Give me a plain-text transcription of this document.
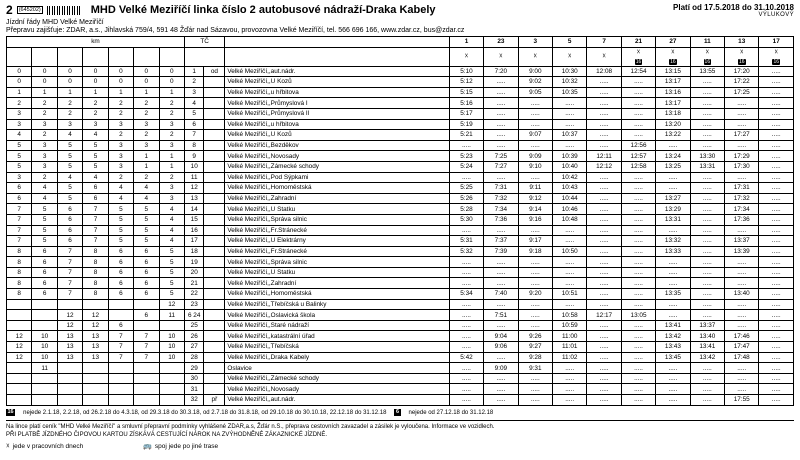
2	(645202)	MHD Velké Meziříčí linka číslo 2 autobusové nádraží-Draka Kabely	Platí od 17.5.2018 do 31.10.2018
VÝLUKOVÝ
Jízdní řády MHD Velké Meziříčí
Přepravu zajišťuje: ZDAR, a.s., Jihlavská 759/4, 591 48 Žďár nad Sázavou, provozovna Velké Meziříčí, tel. 566 696 166, www.zdar.cz, bus@zdar.cz
km							TČ			1	23	3	5	7	21	27	11	13	17
										☓	☓	☓	☓	☓	☓
16	☓
16	☓
16	☓
16	☓
16
0	0	0	0	0	0	0	1	od	Velké Meziříčí,,aut.nádr.	5:10	7:20	9:00	10:30	12:08	12:54	13:15	13:55	17:20	.....
0	0	0	0	0	0	0	2		Velké Meziříčí,,U Kozů	5:12	.....	9:02	10:32	.....	.....	13:17	.....	17:22	.....
1	1	1	1	1	1	1	3		Velké Meziříčí,,u hřbitova	5:15	.....	9:05	10:35	.....	.....	13:16	.....	17:25	.....
2	2	2	2	2	2	2	4		Velké Meziříčí,,Průmyslová I	5:16	.....	.....	.....	.....	.....	13:17	.....	.....	.....
3	2	2	2	2	2	2	5		Velké Meziříčí,,Průmyslová II	5:17	.....	.....	.....	.....	.....	13:18	.....	.....	.....
3	3	3	3	3	3	3	6		Velké Meziříčí,,u hřbitova	5:19	.....	.....	.....	.....	.....	13:20	.....	.....	.....
4	2	4	4	2	2	2	7		Velké Meziříčí,,U Kozů	5:21	.....	9:07	10:37	.....	.....	13:22	.....	17:27	.....
5	3	5	5	3	3	3	8		Velké Meziříčí,,Bezděkov	.....	.....	.....	.....	.....	12:56	.....	.....	.....	.....
5	3	5	5	3	1	1	9		Velké Meziříčí,,Novosady	5:23	7:25	9:09	10:39	12:11	12:57	13:24	13:30	17:29	.....
5	3	5	5	3	1	1	10		Velké Meziříčí,,Zámecké schody	5:24	7:27	9:10	10:40	12:12	12:58	13:25	13:31	17:30	.....
3	2	4	4	2	2	2	11		Velké Meziříčí,,Pod Sýpkami	.....	.....	.....	10:42	.....	.....	.....	.....	.....	.....
6	4	5	6	4	4	3	12		Velké Meziříčí,,Homoměstská	5:25	7:31	9:11	10:43	.....	.....	.....	.....	17:31	.....
6	4	5	6	4	4	3	13		Velké Meziříčí,,Zahradní	5:26	7:32	9:12	10:44	.....	.....	13:27	.....	17:32	.....
7	5	6	7	5	5	4	14		Velké Meziříčí,,U Statku	5:28	7:34	9:14	10:46	.....	.....	13:29	.....	17:34	.....
7	5	6	7	5	5	4	15		Velké Meziříčí,,Správa silnic	5:30	7:36	9:16	10:48	.....	.....	13:31	.....	17:36	.....
7	5	6	7	5	5	4	16		Velké Meziříčí,,Fr.Stránecké	.....	.....	.....	.....	.....	.....	.....	.....	.....	.....
7	5	6	7	5	5	4	17		Velké Meziříčí,,U Elektrárny	5:31	7:37	9:17	.....	.....	.....	13:32	.....	13:37	.....
8	6	7	8	6	6	5	18		Velké Meziříčí,,Fr.Stránecké	5:32	7:39	9:18	10:50	.....	.....	13:33	.....	13:39	.....
8	6	7	8	6	6	5	19		Velké Meziříčí,,Správa silnic	.....	.....	.....	.....	.....	.....	.....	.....	.....	.....
8	6	7	8	6	6	5	20		Velké Meziříčí,,U Statku	.....	.....	.....	.....	.....	.....	.....	.....	.....	.....
8	6	7	8	6	6	5	21		Velké Meziříčí,,Zahradní	.....	.....	.....	.....	.....	.....	.....	.....	.....	.....
8	6	7	8	6	6	5	22		Velké Meziříčí,,Homoměstská	5:34	7:40	9:20	10:51	.....	.....	13:35	.....	13:40	.....
						12	23		Velké Meziříčí,,Třebíčská u Balinky	.....	.....	.....	.....	.....	.....	.....	.....	.....	.....
		12	12		6	11	6 24		Velké Meziříčí,,Oslavická škola	.....	7:51	.....	10:58	12:17	13:05	.....	.....	.....	.....
		12	12	6			25		Velké Meziříčí,,Staré nádraží	.....	.....	.....	10:59	.....	.....	13:41	13:37	.....	.....
12	10	13	13	7	7	10	26		Velké Meziříčí,,katastrální úřad	.....	9:04	9:26	11:00	.....	.....	13:42	13:40	17:46	.....
12	10	13	13	7	7	10	27		Velké Meziříčí,,Třebíčská	.....	9:06	9:27	11:01	.....	.....	13:43	13:41	17:47	.....
12	10	13	13	7	7	10	28		Velké Meziříčí,,Draka Kabely	5:42	.....	9:28	11:02	.....	.....	13:45	13:42	17:48	.....
	11						29		Oslavice	.....	9:09	9:31	.....	.....	.....	.....	.....	.....	.....
							30		Velké Meziříčí,,Zámecké schody	.....	.....	.....	.....	.....	.....	.....	.....	.....	.....
							31		Velké Meziříčí,,Novosady	.....	.....	.....	.....	.....	.....	.....	.....	.....	.....
							32	př	Velké Meziříčí,,aut.nádr.	.....	.....	.....	.....	.....	.....	.....	.....	17:55	.....
16 nejede 2.1.18, 2.2.18, od 26.2.18 do 4.3.18, od 29.3.18 do 30.3.18, od 2.7.18 do 31.8.18, od 29.10.18 do 30.10.18, 22.12.18 do 31.12.18 6 nejede od 27.12.18 do 31.12.18
Na lince platí ceník "MHD Velké Meziříčí" a smluvní přepravní podmínky vyhlášené ZDAR,a.s, Žďár n.S., přeprava cestovních zavazadel a zásilek je vyloučena. Informace ve vozidlech.
PŘI PLATBĚ JÍZDNÉHO ČIPOVOU KARTOU ZÍSKÁVÁ CESTUJÍCÍ NÁROK NA ZVÝHODNĚNÉ ZÁKAZNICKÉ JÍZDNÉ.
☓ jede v pracovních dnech	🚌 spoj jede po jiné trase
